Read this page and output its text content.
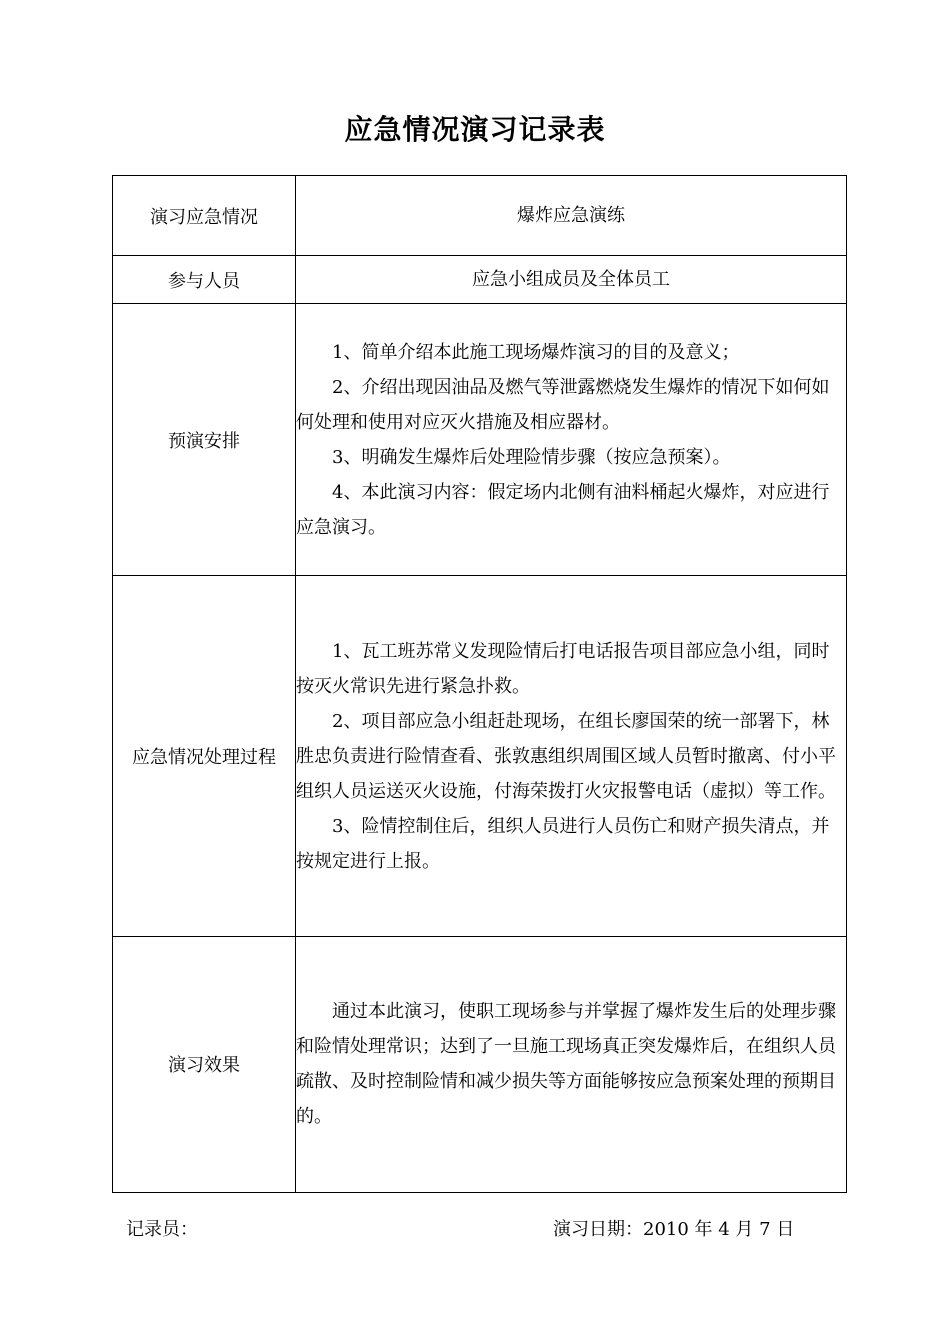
应急情况演习记录表
演习应急情况	爆炸应急演练
参与人员	应急小组成员及全体员工
预演安排	1、简单介绍本此施工现场爆炸演习的目的及意义；

2、介绍出现因油品及燃气等泄露燃烧发生爆炸的情况下如何如何处理和使用对应灭火措施及相应器材。

3、明确发生爆炸后处理险情步骤（按应急预案）。

4、本此演习内容：假定场内北侧有油料桶起火爆炸，对应进行应急演习。

应急情况处理过程	1、瓦工班苏常义发现险情后打电话报告项目部应急小组，同时按灭火常识先进行紧急扑救。

2、项目部应急小组赶赴现场，在组长廖国荣的统一部署下，林胜忠负责进行险情查看、张敦惠组织周围区域人员暂时撤离、付小平组织人员运送灭火设施，付海荣拨打火灾报警电话（虚拟）等工作。

3、险情控制住后，组织人员进行人员伤亡和财产损失清点，并按规定进行上报。

演习效果	通过本此演习，使职工现场参与并掌握了爆炸发生后的处理步骤和险情处理常识；达到了一旦施工现场真正突发爆炸后，在组织人员疏散、及时控制险情和减少损失等方面能够按应急预案处理的预期目的。

记录员：	演习日期：2010 年 4 月 7 日
